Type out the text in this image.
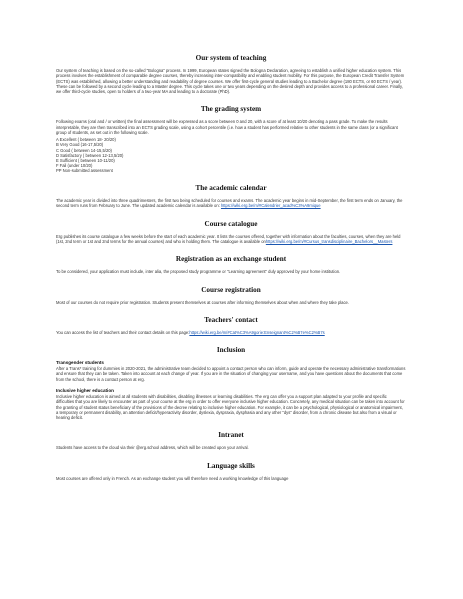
Our system of teaching

Our system of teaching is based on the so-called "Bologna" process. In 1999, European states signed the Bologna Declaration, agreeing to establish a unified higher education system. This process involves the establishment of comparable degree courses, thereby increasing inter-compatibility and enabling student mobility. For this purpose, the European Credit Transfer System (ECTS) was established, allowing a better understanding and readability of degree courses. We offer first-cycle general studies leading to a Bachelor degree (180 ECTS, or 60 ECTS / year). These can be followed by a second cycle leading to a Master degree. This cycle takes one or two years depending on the desired depth and provides access to a professional career. Finally, we offer third-cycle studies, open to holders of a two-year MA and leading to a doctorate (PhD).

The grading system

Following exams (oral and / or written) the final assessment will be expressed as a score between 0 and 20, with a score of at least 10/20 denoting a pass grade. To make the results interpretable, they are then transcribed into an ECTS grading scale, using a cohort percentile (i.e. how a student has performed relative to other students in the same class (or a significant group of students, as set out in the following scale.

A Excellent ( between 18- 20/20)
B Very Good (16-17,5/20)
C Good ( between 14-15,5/20)
D Satisfactory ( between 12-13,5/20)
E Sufficient ( between 10-11/20)
F Fail (under 10/20)
PP Non-submitted assessment
The academic calendar

The academic year is divided into three quadrimesters, the first two being scheduled for courses and exams. The academic year begins in mid-September, the first term ends on January, the second term runs from February to June. The updated academic calendar is available on: https://wiki.erg.be/m/#Calendrier_acad%C3%A9mique

Course catalogue

Erg publishes its course catalogue a few weeks before the start of each academic year. It lists the courses offered, together with information about the faculties, courses, when they are held (1st, 2nd term or 1st and 2nd terms for the annual courses) and who is holding them. The catalogue is available onhttps://wiki.erg.be/m/#Cursus_transdisciplinaire_Bachelors__Masters

Registration as an exchange student

To be considered, your application must include, inter alia, the proposed study programme or "Learning agreement" duly approved by your home institution.

Course registration

Most of our courses do not require prior registration. Students present themselves at courses after informing themselves about when and where they take place.

Teachers' contact

You can access the list of teachers and their contact details on this page:https://wiki.erg.be/m/#Cat%C3%A9gorie:Enseignant%C2%B7e%C2%B7s

Inclusion
Transgender students

After a Trans* training for dummies in 2020-2021, the administrative team decided to appoint a contact person who can inform, guide and operate the necessary administrative transformations and ensure that they can be taken. Taken into account at each change of year. If you are in the situation of changing your username, and you have questions about the documents that come from the school, there is a contact person at erg.

Inclusive higher education

Inclusive higher education is aimed at all students with disabilities, disabling illnesses or learning disabilities. The erg can offer you a support plan adapted to your profile and specific difficulties that you are likely to encounter as part of your course at the erg in order to offer everyone inclusive higher education. Concretely, any medical situation can be taken into account for the granting of student status beneficiary of the provisions of the decree relating to inclusive higher education. For example, it can be a psychological, physiological or anatomical impairment, a temporary or permanent disability, an attention deficit/hyperactivity disorder, dyslexia, dyspraxia, dysphasia and any other "dys" disorder, from a chronic disease but also from a visual or hearing deficit.

Intranet

Students have access to the cloud via their @erg.school address, which will be created upon your arrival.

Language skills

Most courses are offered only in French. As an exchange student you will therefore need a working knowledge of this language
